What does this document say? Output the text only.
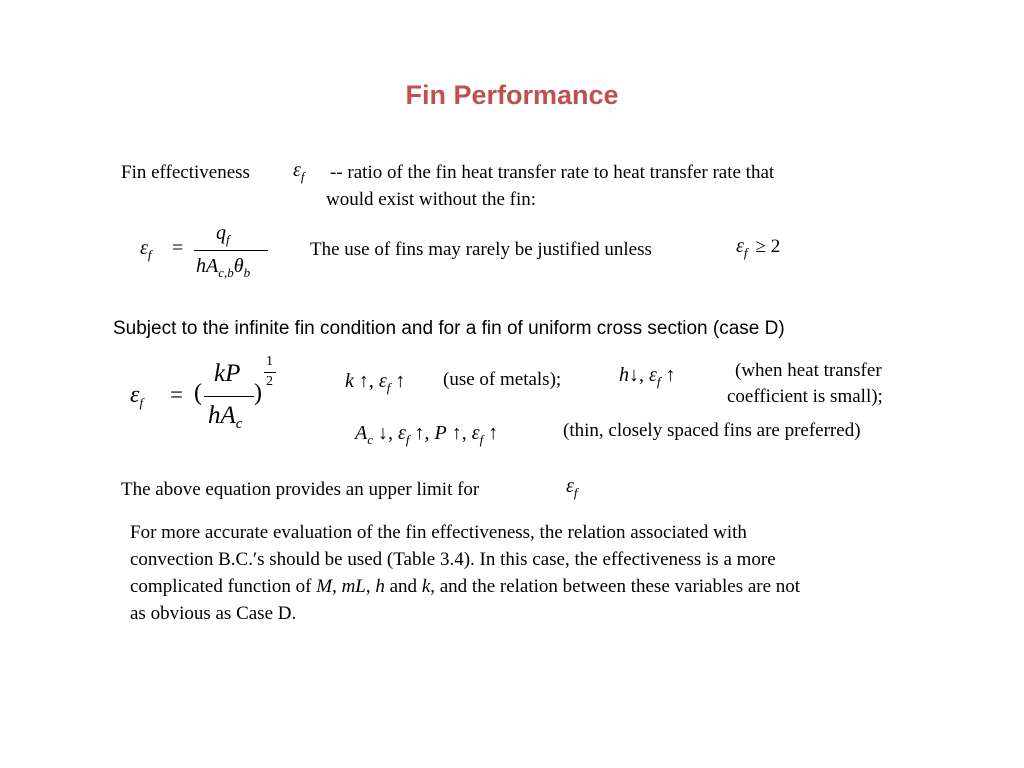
Fin Performance
Fin effectiveness $\varepsilon_f$ -- ratio of the fin heat transfer rate to heat transfer rate that
would exist without the fin:
$\varepsilon_f$ =
$q_f$
$hA_{c,b}\theta_b$
The use of fins may rarely be justified unless	$\varepsilon_f \ge 2$
Subject to the infinite fin condition and for a fin of uniform cross section (case D)
$\varepsilon_f$ = (
kP
hAc
)
1
2	k ↑, $\varepsilon_f$ ↑ (use of metals);	h↓, $\varepsilon_f$ ↑	(when heat transfer
coefficient is small);
$A_c$ ↓, $\varepsilon_f$ ↑, P ↑, $\varepsilon_f$ ↑	(thin, closely spaced fins are preferred)
The above equation provides an upper limit for	$\varepsilon_f$
For more accurate evaluation of the fin effectiveness, the relation associated with
convection B.C.′s should be used (Table 3.4). In this case, the effectiveness is a more
complicated function of M, mL, h and k, and the relation between these variables are not
as obvious as Case D.
